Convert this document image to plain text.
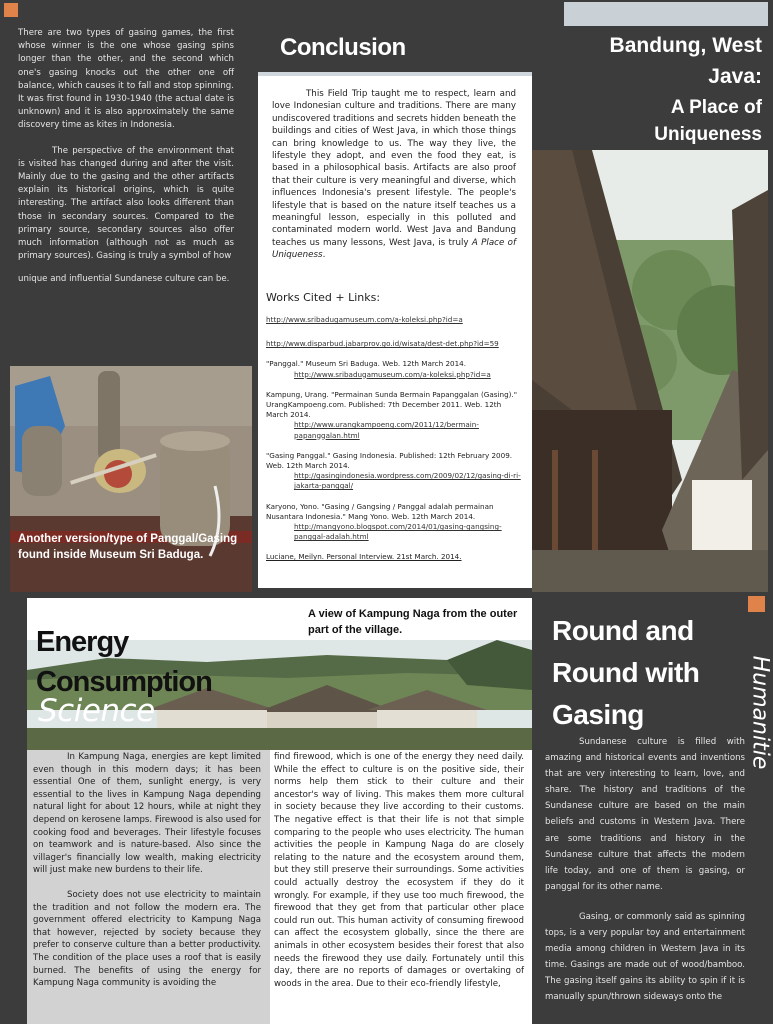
There are two types of gasing games, the first whose winner is the one whose gasing spins longer than the other, and the second which one's gasing knocks out the other one off balance, which causes it to fall and stop spinning. It was first found in 1930-1940 (the actual date is unknown) and it is also approximately the same discovery time as kites in Indonesia.

The perspective of the environment that is visited has changed during and after the visit. Mainly due to the gasing and the other artifacts explain its historical origins, which is quite interesting. The artifact also looks different than those in secondary sources. Compared to the primary source, secondary sources also offer much information (although not as much as primary sources). Gasing is truly a symbol of how

unique and influential Sundanese culture can be.

Another version/type of Panggal/Gasing found inside Museum Sri Baduga.
Conclusion
This Field Trip taught me to respect, learn and love Indonesian culture and traditions. There are many undiscovered traditions and secrets hidden beneath the buildings and cities of West Java, in which those things can bring knowledge to us. The way they live, the lifestyle they adopt, and even the food they eat, is based in a philosophical basis. Artifacts are also proof that their culture is very meaningful and diverse, which influences Indonesia's present lifestyle. The people's lifestyle that is based on the nature itself teaches us a meaningful lesson, especially in this polluted and contaminated modern world. West Java and Bandung teaches us many lessons, West Java, is truly A Place of Uniqueness.
Works Cited + Links:
http://www.sribadugamuseum.com/a-koleksi.php?id=a
http://www.disparbud.jabarprov.go.id/wisata/dest-det.php?id=59
"Panggal." Museum Sri Baduga. Web. 12th March 2014.
http://www.sribadugamuseum.com/a-koleksi.php?id=a
Kampung, Urang. "Permainan Sunda Bermain Papanggalan (Gasing)." UrangKampoeng.com. Published: 7th December 2011. Web. 12th March 2014.
http://www.urangkampoeng.com/2011/12/bermain-papanggalan.html
"Gasing Panggal." Gasing Indonesia. Published: 12th February 2009. Web. 12th March 2014.
http://gasingindonesia.wordpress.com/2009/02/12/gasing-di-ri-jakarta-panggal/
Karyono, Yono. "Gasing / Gangsing / Panggal adalah permainan Nusantara Indonesia." Mang Yono. Web. 12th March 2014.
http://mangyono.blogspot.com/2014/01/gasing-gangsing-panggal-adalah.html
Luciane, Meilyn. Personal Interview. 21st March. 2014.
Bandung, West
Java:
A Place of
Uniqueness
Energy
Consumption
Science
A view of Kampung Naga from the outer part of the village.

In Kampung Naga, energies are kept limited even though in this modern days; it has been essential One of them, sunlight energy, is very essential to the lives in Kampung Naga depending natural light for about 12 hours, while at night they depend on kerosene lamps. Firewood is also used for cooking food and beverages. Their lifestyle focuses on teamwork and is nature-based. Also since the villager's financially low wealth, making electricity will just make new burdens to their life.

Society does not use electricity to maintain the tradition and not follow the modern era. The government offered electricity to Kampung Naga that however, rejected by society because they prefer to conserve culture than a better productivity. The condition of the place uses a roof that is easily burned. The benefits of using the energy for Kampung Naga community is avoiding the

find firewood, which is one of the energy they need daily. While the effect to culture is on the positive side, their norms help them stick to their culture and their ancestor's way of living. This makes them more cultural in society because they live according to their customs. The negative effect is that their life is not that simple comparing to the people who uses electricity. The human activities the people in Kampung Naga do are closely relating to the nature and the ecosystem around them, but they still preserve their surroundings. Some activities could actually destroy the ecosystem if they do it wrongly. For example, if they use too much firewood, the firewood that they get from that particular other place could run out. This human activity of consuming firewood can affect the ecosystem globally, since the there are animals in other ecosystem besides their forest that also needs the firewood they use daily. Fortunately until this day, there are no reports of damages or overtaking of woods in the area. Due to their eco-friendly lifestyle,

Round and
Round with
Gasing	Humanitie

Sundanese culture is filled with amazing and historical events and inventions that are very interesting to learn, love, and share. The history and traditions of the Sundanese culture are based on the main beliefs and customs in Western Java. There are some traditions and history in the Sundanese culture that affects the modern life today, and one of them is gasing, or panggal for its other name.

Gasing, or commonly said as spinning tops, is a very popular toy and entertainment media among children in Western Java in its time. Gasings are made out of wood/bamboo. The gasing itself gains its ability to spin if it is manually spun/thrown sideways onto the
